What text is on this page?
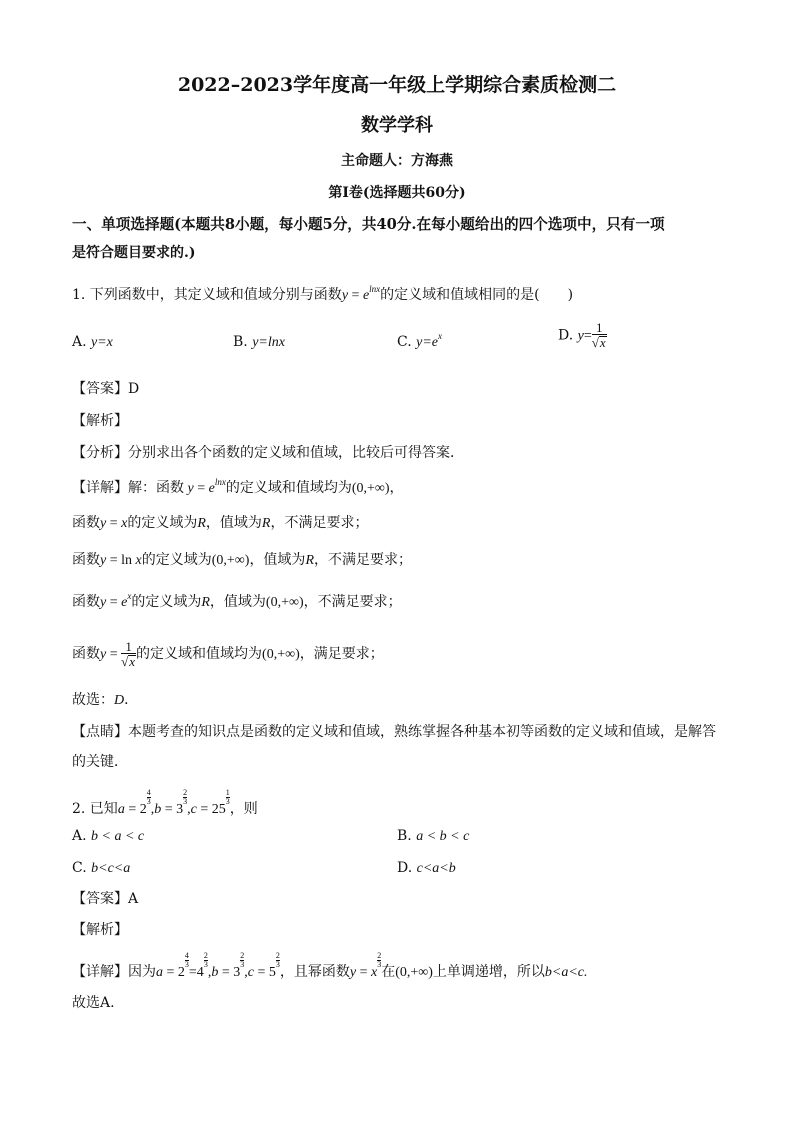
2022–2023学年度高一年级上学期综合素质检测二
数学学科
主命题人：方海燕
第Ⅰ卷(选择题共60分)
一、单项选择题(本题共8小题，每小题5分，共40分.在每小题给出的四个选项中，只有一项
是符合题目要求的.)
1. 下列函数中，其定义域和值域分别与函数$y = e^{lnx}$的定义域和值域相同的是(　　)
A. y=x	B. y=lnx	C. $y=e^x$	D. $y= \frac{1}{√x}$
【答案】D
【解析】
【分析】分别求出各个函数的定义域和值域，比较后可得答案．
【详解】解：函数 $y = e^{lnx}$的定义域和值域均为(0,+∞)，
函数y = x的定义域为R，值域为R，不满足要求；
函数y = ln x的定义域为(0,+∞)，值域为R，不满足要求；
函数$y = e^x$的定义域为R，值域为(0,+∞)，不满足要求；
函数$y = \frac{1}{√x}$ 的定义域和值域均为(0,+∞)，满足要求；
故选：D．
【点睛】本题考查的知识点是函数的定义域和值域，熟练掌握各种基本初等函数的定义域和值域，是解答
的关键．
2. 已知$a = 2\frac{4}{3}$
$,b = 3\frac{2}{3}$
$,c = 25\frac{1}{3}$
，则
A. b < a < c	B. a < b < c
C. b<c<a	D. c<a<b
【答案】A
【解析】
【详解】因为$a = 2\frac{4}{3}$
$=4\frac{2}{3}$
$,b = 3\frac{2}{3}$
$,c = 5\frac{2}{3}$
，且幂函数$y = x\frac{2}{3}$
在(0,+∞)上单调递增，所以b<a<c.
故选A.
